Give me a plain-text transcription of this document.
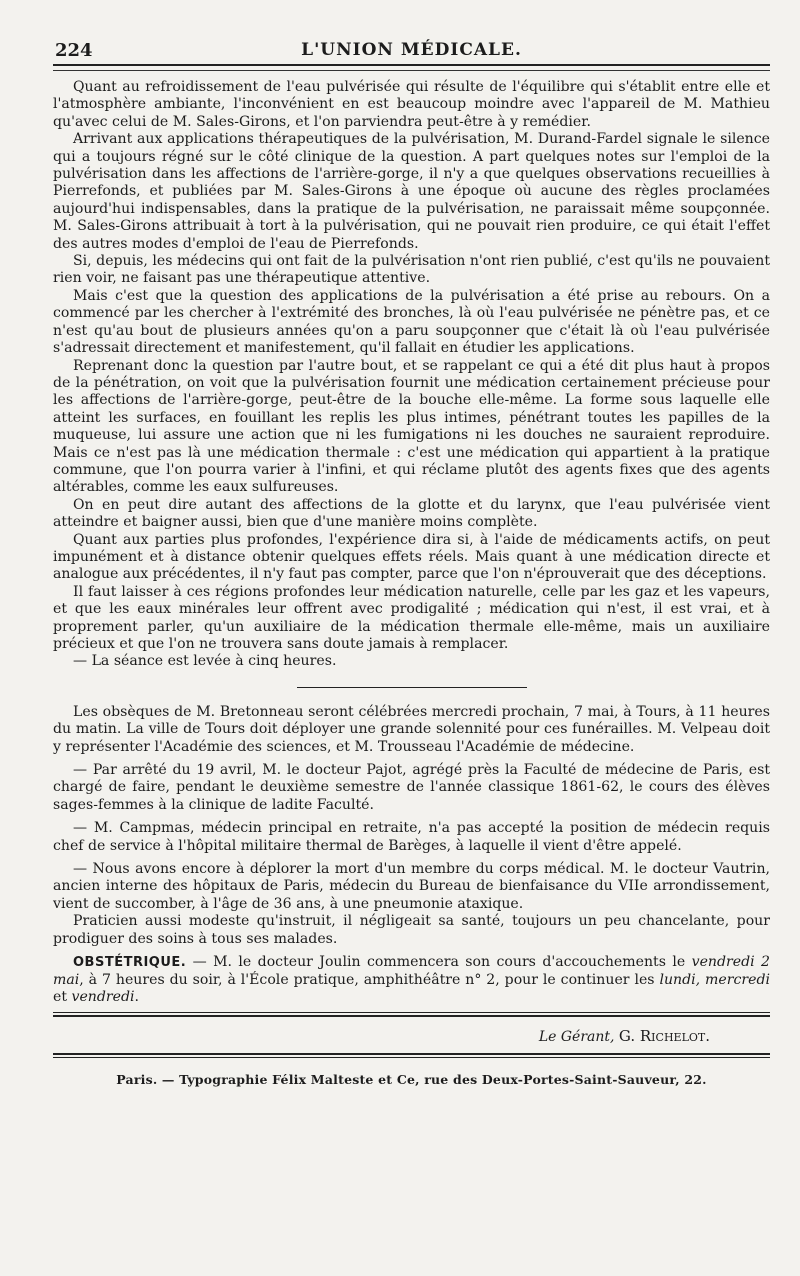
224	L'UNION MÉDICALE.

Quant au refroidissement de l'eau pulvérisée qui résulte de l'équilibre qui s'établit entre elle et l'atmosphère ambiante, l'inconvénient en est beaucoup moindre avec l'appareil de M. Mathieu qu'avec celui de M. Sales-Girons, et l'on parviendra peut-être à y remédier.

Arrivant aux applications thérapeutiques de la pulvérisation, M. Durand-Fardel signale le silence qui a toujours régné sur le côté clinique de la question. A part quelques notes sur l'emploi de la pulvérisation dans les affections de l'arrière-gorge, il n'y a que quelques observations recueillies à Pierrefonds, et publiées par M. Sales-Girons à une époque où aucune des règles proclamées aujourd'hui indispensables, dans la pratique de la pulvérisation, ne paraissait même soupçonnée. M. Sales-Girons attribuait à tort à la pulvérisation, qui ne pouvait rien produire, ce qui était l'effet des autres modes d'emploi de l'eau de Pierrefonds.

Si, depuis, les médecins qui ont fait de la pulvérisation n'ont rien publié, c'est qu'ils ne pouvaient rien voir, ne faisant pas une thérapeutique attentive.

Mais c'est que la question des applications de la pulvérisation a été prise au rebours. On a commencé par les chercher à l'extrémité des bronches, là où l'eau pulvérisée ne pénètre pas, et ce n'est qu'au bout de plusieurs années qu'on a paru soupçonner que c'était là où l'eau pulvérisée s'adressait directement et manifestement, qu'il fallait en étudier les applications.

Reprenant donc la question par l'autre bout, et se rappelant ce qui a été dit plus haut à propos de la pénétration, on voit que la pulvérisation fournit une médication certainement précieuse pour les affections de l'arrière-gorge, peut-être de la bouche elle-même. La forme sous laquelle elle atteint les surfaces, en fouillant les replis les plus intimes, pénétrant toutes les papilles de la muqueuse, lui assure une action que ni les fumigations ni les douches ne sauraient reproduire. Mais ce n'est pas là une médication thermale : c'est une médication qui appartient à la pratique commune, que l'on pourra varier à l'infini, et qui réclame plutôt des agents fixes que des agents altérables, comme les eaux sulfureuses.

On en peut dire autant des affections de la glotte et du larynx, que l'eau pulvérisée vient atteindre et baigner aussi, bien que d'une manière moins complète.

Quant aux parties plus profondes, l'expérience dira si, à l'aide de médicaments actifs, on peut impunément et à distance obtenir quelques effets réels. Mais quant à une médication directe et analogue aux précédentes, il n'y faut pas compter, parce que l'on n'éprouverait que des déceptions.

Il faut laisser à ces régions profondes leur médication naturelle, celle par les gaz et les vapeurs, et que les eaux minérales leur offrent avec prodigalité ; médication qui n'est, il est vrai, et à proprement parler, qu'un auxiliaire de la médication thermale elle-même, mais un auxiliaire précieux et que l'on ne trouvera sans doute jamais à remplacer.

— La séance est levée à cinq heures.

Les obsèques de M. Bretonneau seront célébrées mercredi prochain, 7 mai, à Tours, à 11 heures du matin. La ville de Tours doit déployer une grande solennité pour ces funérailles. M. Velpeau doit y représenter l'Académie des sciences, et M. Trousseau l'Académie de médecine.

— Par arrêté du 19 avril, M. le docteur Pajot, agrégé près la Faculté de médecine de Paris, est chargé de faire, pendant le deuxième semestre de l'année classique 1861-62, le cours des élèves sages-femmes à la clinique de ladite Faculté.

— M. Campmas, médecin principal en retraite, n'a pas accepté la position de médecin requis chef de service à l'hôpital militaire thermal de Barèges, à laquelle il vient d'être appelé.

— Nous avons encore à déplorer la mort d'un membre du corps médical. M. le docteur Vautrin, ancien interne des hôpitaux de Paris, médecin du Bureau de bienfaisance du VIIe arrondissement, vient de succomber, à l'âge de 36 ans, à une pneumonie ataxique.

Praticien aussi modeste qu'instruit, il négligeait sa santé, toujours un peu chancelante, pour prodiguer des soins à tous ses malades.

OBSTÉTRIQUE. — M. le docteur Joulin commencera son cours d'accouchements le vendredi 2 mai, à 7 heures du soir, à l'École pratique, amphithéâtre n° 2, pour le continuer les lundi, mercredi et vendredi.

Le Gérant, G. Richelot.
Paris. — Typographie Félix Malteste et Ce, rue des Deux-Portes-Saint-Sauveur, 22.
